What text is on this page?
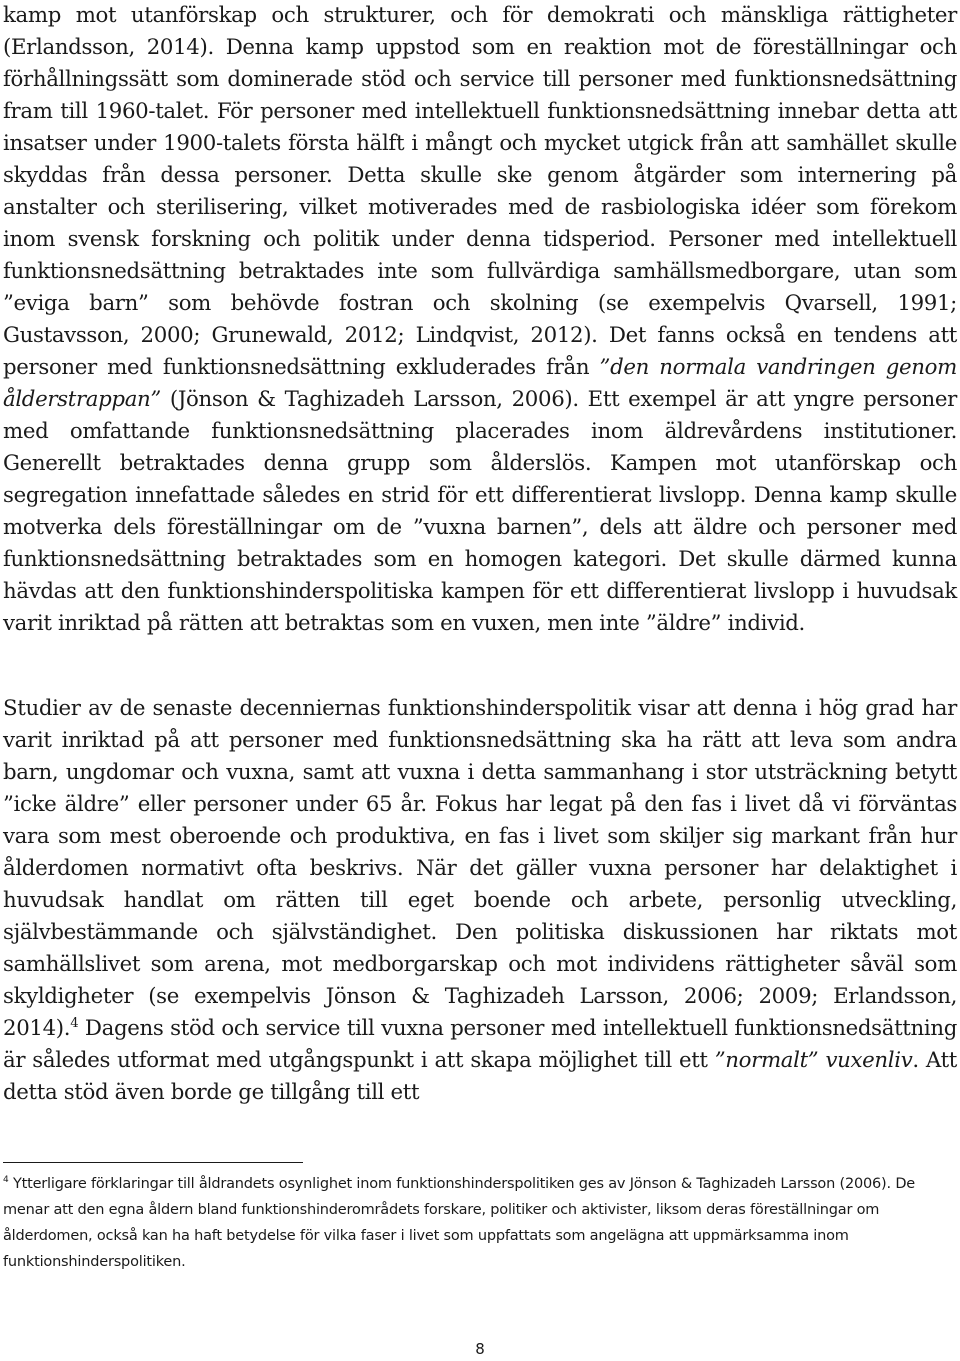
kamp mot utanförskap och strukturer, och för demokrati och mänskliga rättigheter (Erlandsson, 2014). Denna kamp uppstod som en reaktion mot de föreställningar och förhållningssätt som dominerade stöd och service till personer med funktionsnedsättning fram till 1960-talet. För personer med intellektuell funktionsnedsättning innebar detta att insatser under 1900-talets första hälft i mångt och mycket utgick från att samhället skulle skyddas från dessa personer. Detta skulle ske genom åtgärder som internering på anstalter och sterilisering, vilket motiverades med de rasbiologiska idéer som förekom inom svensk forskning och politik under denna tidsperiod. Personer med intellektuell funktionsnedsättning betraktades inte som fullvärdiga samhällsmedborgare, utan som ”eviga barn” som behövde fostran och skolning (se exempelvis Qvarsell, 1991; Gustavsson, 2000; Grunewald, 2012; Lindqvist, 2012). Det fanns också en tendens att personer med funktionsnedsättning exkluderades från ”den normala vandringen genom ålderstrappan” (Jönson & Taghizadeh Larsson, 2006). Ett exempel är att yngre personer med omfattande funktionsnedsättning placerades inom äldrevårdens institutioner. Generellt betraktades denna grupp som ålderslös. Kampen mot utanförskap och segregation innefattade således en strid för ett differentierat livslopp. Denna kamp skulle motverka dels föreställningar om de ”vuxna barnen”, dels att äldre och personer med funktionsnedsättning betraktades som en homogen kategori. Det skulle därmed kunna hävdas att den funktionshinderspolitiska kampen för ett differentierat livslopp i huvudsak varit inriktad på rätten att betraktas som en vuxen, men inte ”äldre” individ.

Studier av de senaste decenniernas funktionshinderspolitik visar att denna i hög grad har varit inriktad på att personer med funktionsnedsättning ska ha rätt att leva som andra barn, ungdomar och vuxna, samt att vuxna i detta sammanhang i stor utsträckning betytt ”icke äldre” eller personer under 65 år. Fokus har legat på den fas i livet då vi förväntas vara som mest oberoende och produktiva, en fas i livet som skiljer sig markant från hur ålderdomen normativt ofta beskrivs. När det gäller vuxna personer har delaktighet i huvudsak handlat om rätten till eget boende och arbete, personlig utveckling, självbestämmande och självständighet. Den politiska diskussionen har riktats mot samhällslivet som arena, mot medborgarskap och mot individens rättigheter såväl som skyldigheter (se exempelvis Jönson & Taghizadeh Larsson, 2006; 2009; Erlandsson, 2014).$^4$ Dagens stöd och service till vuxna personer med intellektuell funktionsnedsättning är således utformat med utgångspunkt i att skapa möjlighet till ett ”normalt” vuxenliv. Att detta stöd även borde ge tillgång till ett

$^4$ Ytterligare förklaringar till åldrandets osynlighet inom funktionshinderspolitiken ges av Jönson & Taghizadeh Larsson (2006). De menar att den egna åldern bland funktionshinderområdets forskare, politiker och aktivister, liksom deras föreställningar om ålderdomen, också kan ha haft betydelse för vilka faser i livet som uppfattats som angelägna att uppmärksamma inom funktionshinderspolitiken.

8
